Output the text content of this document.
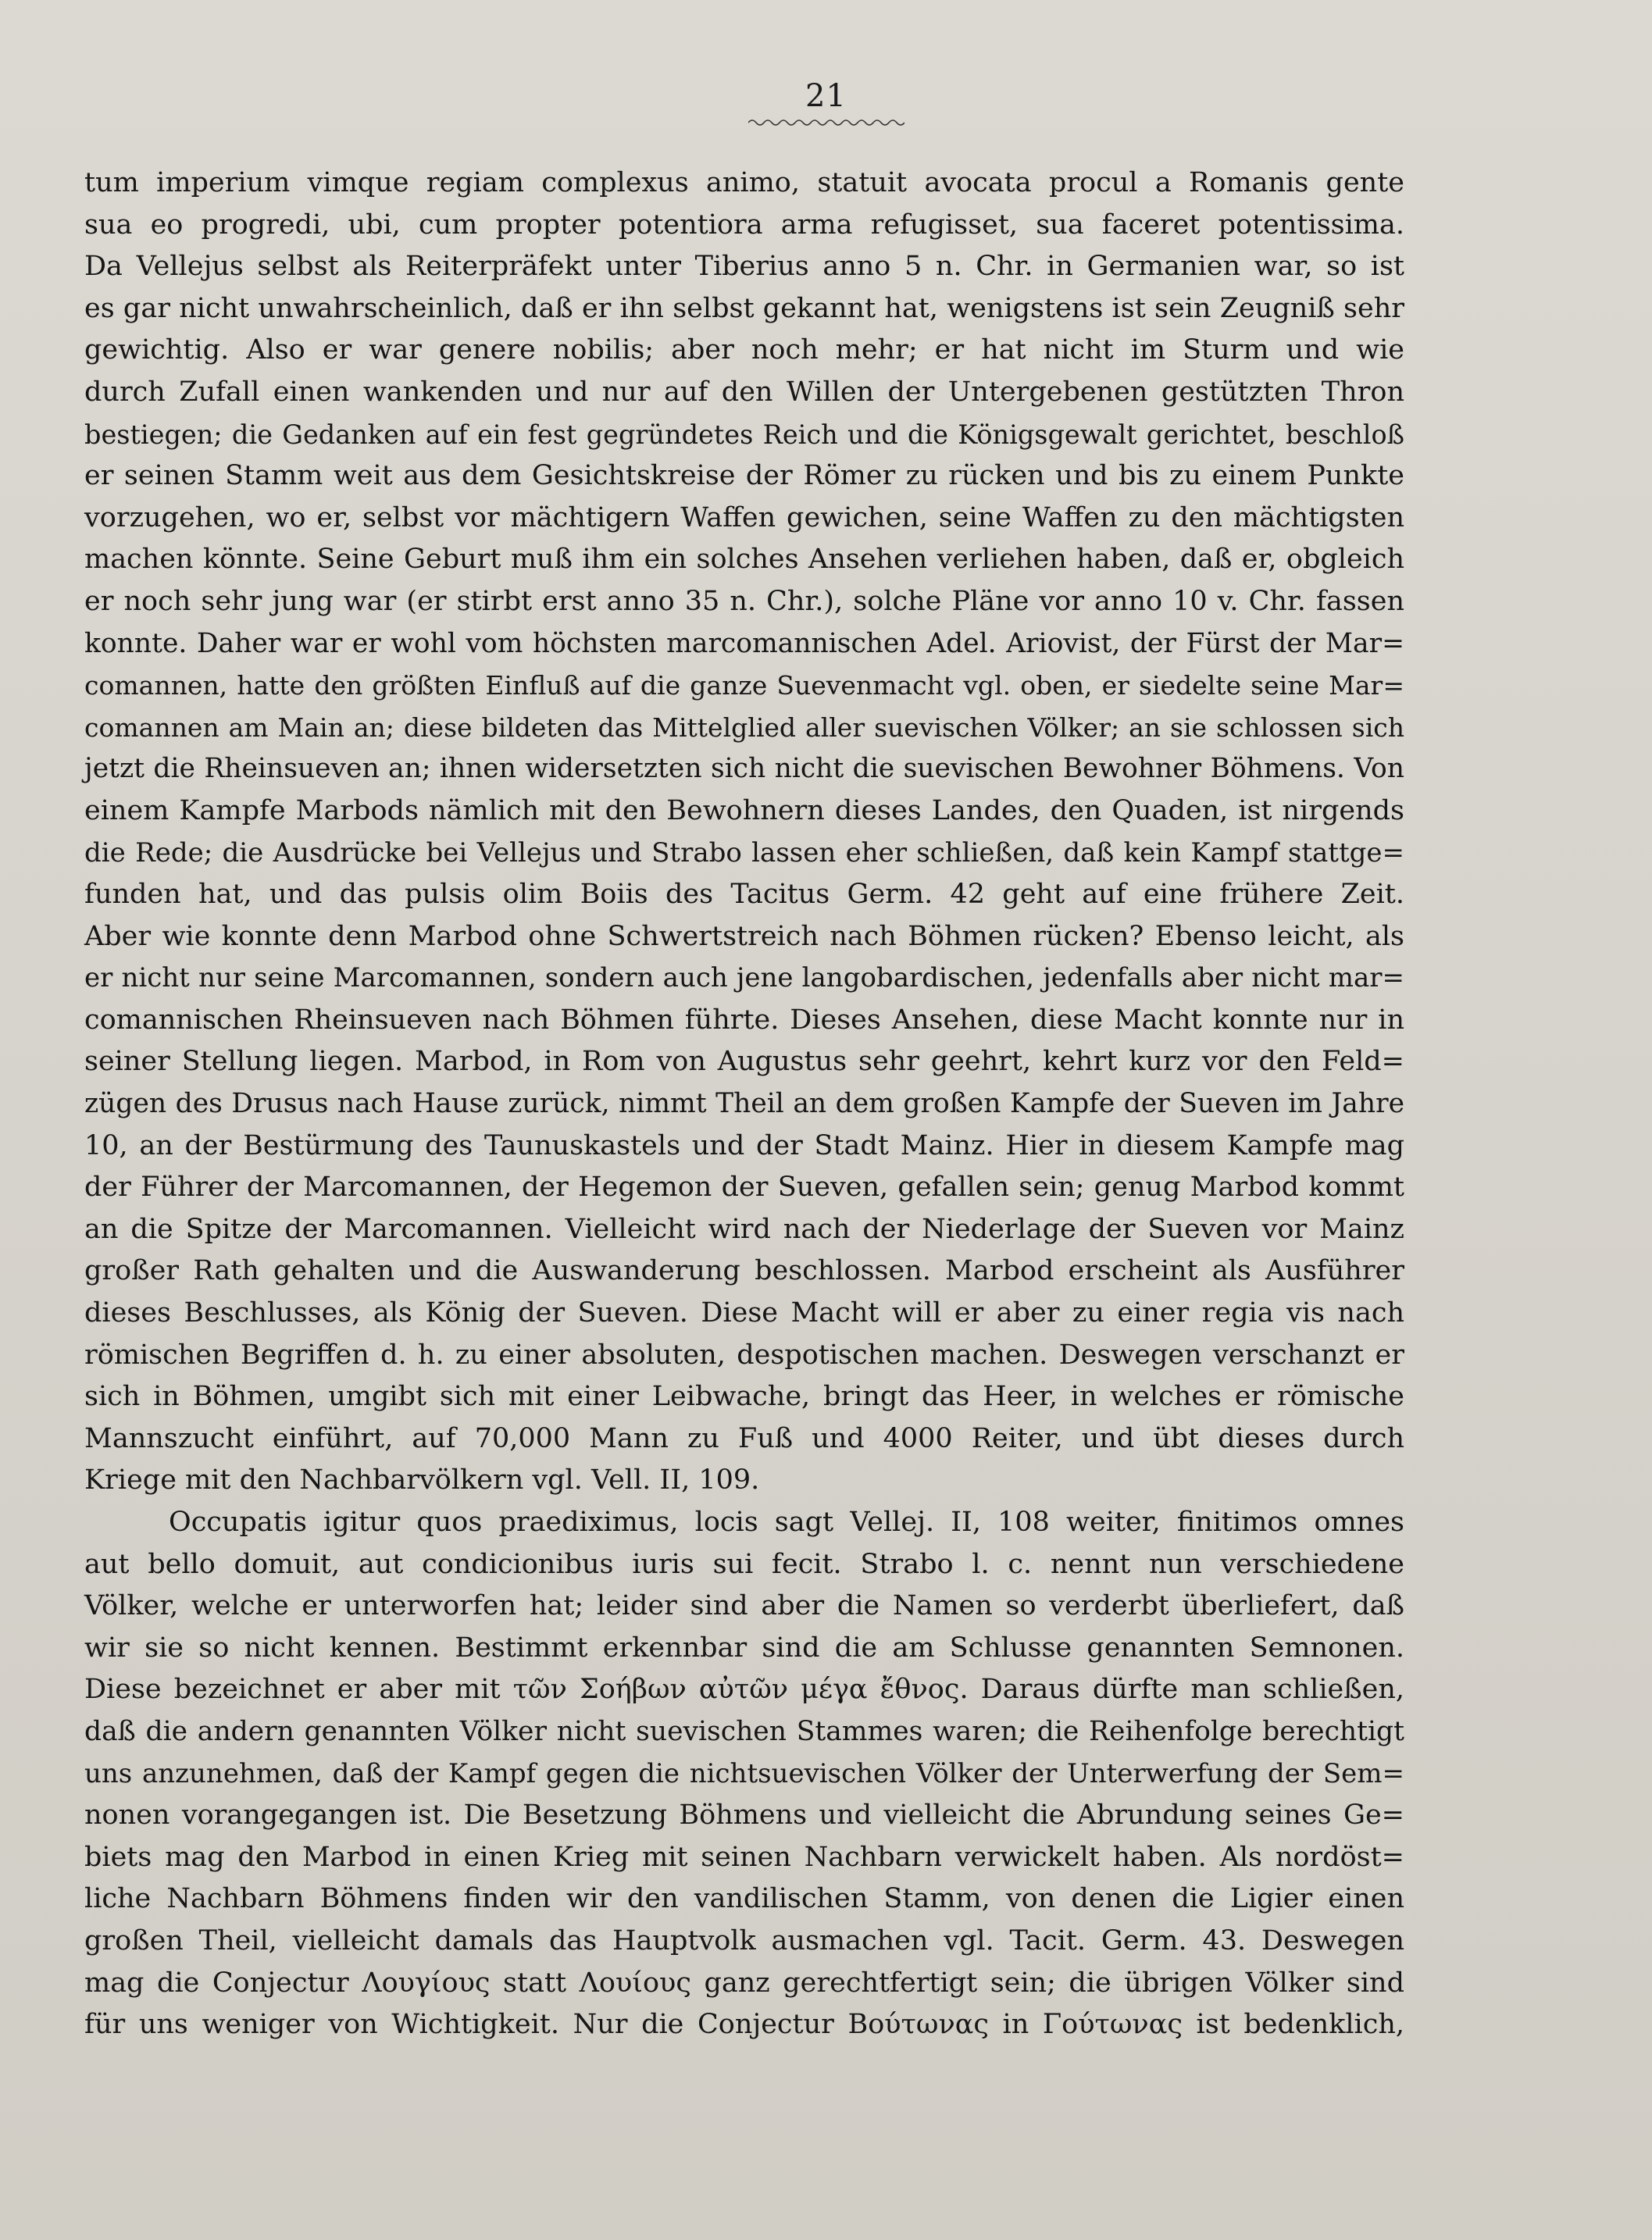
21
tum imperium vimque regiam complexus animo, statuit avocata procul a Romanis gente
sua eo progredi, ubi, cum propter potentiora arma refugisset, sua faceret potentissima.
Da Vellejus selbst als Reiterpräfekt unter Tiberius anno 5 n. Chr. in Germanien war, so ist
es gar nicht unwahrscheinlich, daß er ihn selbst gekannt hat, wenigstens ist sein Zeugniß sehr
gewichtig. Also er war genere nobilis; aber noch mehr; er hat nicht im Sturm und wie
durch Zufall einen wankenden und nur auf den Willen der Untergebenen gestützten Thron
bestiegen; die Gedanken auf ein fest gegründetes Reich und die Königsgewalt gerichtet, beschloß
er seinen Stamm weit aus dem Gesichtskreise der Römer zu rücken und bis zu einem Punkte
vorzugehen, wo er, selbst vor mächtigern Waffen gewichen, seine Waffen zu den mächtigsten
machen könnte. Seine Geburt muß ihm ein solches Ansehen verliehen haben, daß er, obgleich
er noch sehr jung war (er stirbt erst anno 35 n. Chr.), solche Pläne vor anno 10 v. Chr. fassen
konnte. Daher war er wohl vom höchsten marcomannischen Adel. Ariovist, der Fürst der Mar=
comannen, hatte den größten Einfluß auf die ganze Suevenmacht vgl. oben, er siedelte seine Mar=
comannen am Main an; diese bildeten das Mittelglied aller suevischen Völker; an sie schlossen sich
jetzt die Rheinsueven an; ihnen widersetzten sich nicht die suevischen Bewohner Böhmens. Von
einem Kampfe Marbods nämlich mit den Bewohnern dieses Landes, den Quaden, ist nirgends
die Rede; die Ausdrücke bei Vellejus und Strabo lassen eher schließen, daß kein Kampf stattge=
funden hat, und das pulsis olim Boiis des Tacitus Germ. 42 geht auf eine frühere Zeit.
Aber wie konnte denn Marbod ohne Schwertstreich nach Böhmen rücken? Ebenso leicht, als
er nicht nur seine Marcomannen, sondern auch jene langobardischen, jedenfalls aber nicht mar=
comannischen Rheinsueven nach Böhmen führte. Dieses Ansehen, diese Macht konnte nur in
seiner Stellung liegen. Marbod, in Rom von Augustus sehr geehrt, kehrt kurz vor den Feld=
zügen des Drusus nach Hause zurück, nimmt Theil an dem großen Kampfe der Sueven im Jahre
10, an der Bestürmung des Taunuskastels und der Stadt Mainz. Hier in diesem Kampfe mag
der Führer der Marcomannen, der Hegemon der Sueven, gefallen sein; genug Marbod kommt
an die Spitze der Marcomannen. Vielleicht wird nach der Niederlage der Sueven vor Mainz
großer Rath gehalten und die Auswanderung beschlossen. Marbod erscheint als Ausführer
dieses Beschlusses, als König der Sueven. Diese Macht will er aber zu einer regia vis nach
römischen Begriffen d. h. zu einer absoluten, despotischen machen. Deswegen verschanzt er
sich in Böhmen, umgibt sich mit einer Leibwache, bringt das Heer, in welches er römische
Mannszucht einführt, auf 70,000 Mann zu Fuß und 4000 Reiter, und übt dieses durch
Kriege mit den Nachbarvölkern vgl. Vell. II, 109.
Occupatis igitur quos praediximus, locis sagt Vellej. II, 108 weiter, finitimos omnes
aut bello domuit, aut condicionibus iuris sui fecit. Strabo l. c. nennt nun verschiedene
Völker, welche er unterworfen hat; leider sind aber die Namen so verderbt überliefert, daß
wir sie so nicht kennen. Bestimmt erkennbar sind die am Schlusse genannten Semnonen.
Diese bezeichnet er aber mit τῶν Σοήβων αὐτῶν μέγα ἔθνος. Daraus dürfte man schließen,
daß die andern genannten Völker nicht suevischen Stammes waren; die Reihenfolge berechtigt
uns anzunehmen, daß der Kampf gegen die nichtsuevischen Völker der Unterwerfung der Sem=
nonen vorangegangen ist. Die Besetzung Böhmens und vielleicht die Abrundung seines Ge=
biets mag den Marbod in einen Krieg mit seinen Nachbarn verwickelt haben. Als nordöst=
liche Nachbarn Böhmens finden wir den vandilischen Stamm, von denen die Ligier einen
großen Theil, vielleicht damals das Hauptvolk ausmachen vgl. Tacit. Germ. 43. Deswegen
mag die Conjectur Λουγίους statt Λουίους ganz gerechtfertigt sein; die übrigen Völker sind
für uns weniger von Wichtigkeit. Nur die Conjectur Βούτωνας in Γούτωνας ist bedenklich,
